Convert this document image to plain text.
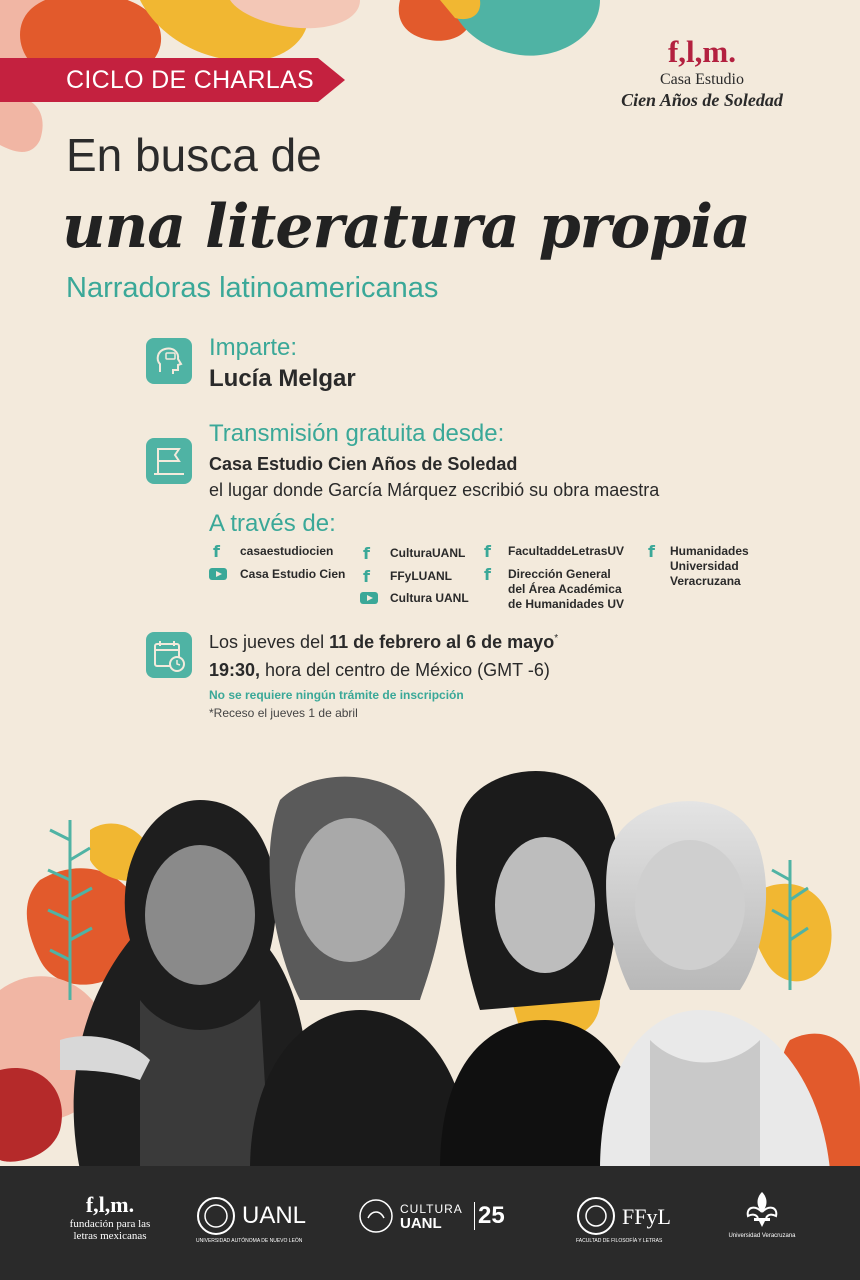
CICLO DE CHARLAS
f,l,m.
Casa Estudio
Cien Años de Soledad
En busca de
una literatura propia
Narradoras latinoamericanas
Imparte:
Lucía Melgar
Transmisión gratuita desde:
Casa Estudio Cien Años de Soledad
el lugar donde García Márquez escribió su obra maestra
A través de:
f	casaestudiocien
Casa Estudio Cien
f	CulturaUANL
f	FFyLUANL
Cultura UANL
f	FacultaddeLetrasUV
f	Dirección General
del Área Académica
de Humanidades UV
f	Humanidades
Universidad
Veracruzana
Los jueves del 11 de febrero al 6 de mayo*
19:30, hora del centro de México (GMT -6)
No se requiere ningún trámite de inscripción
*Receso el jueves 1 de abril
f,l,m.
fundación para las
letras mexicanas
UANL
UNIVERSIDAD AUTÓNOMA DE NUEVO LEÓN
CULTURA
UANL 25	FFyL
FACULTAD DE FILOSOFÍA Y LETRAS
Universidad Veracruzana
